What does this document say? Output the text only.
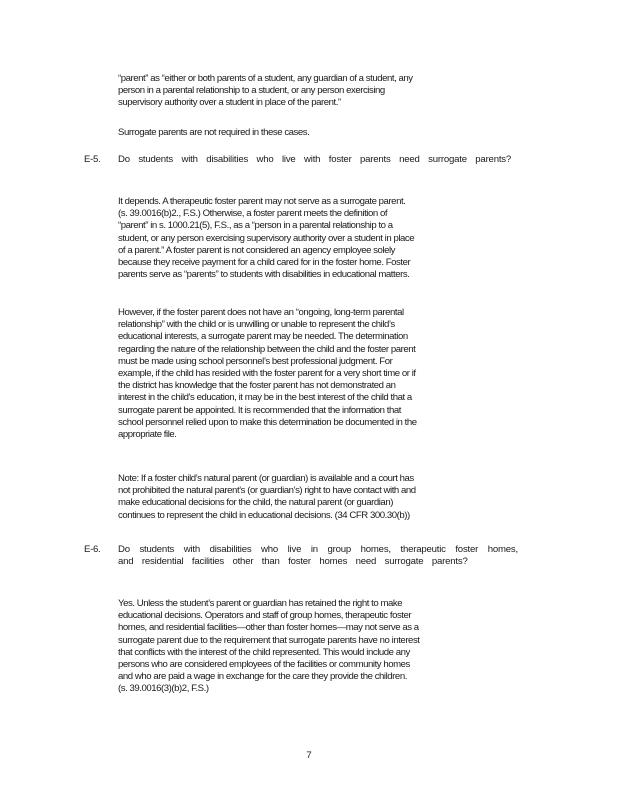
“parent” as “either or both parents of a student, any guardian of a student, any
person in a parental relationship to a student, or any person exercising
supervisory authority over a student in place of the parent.”
Surrogate parents are not required in these cases.
E-5. Do students with disabilities who live with foster parents need surrogate parents?
It depends. A therapeutic foster parent may not serve as a surrogate parent.
(s. 39.0016(b)2., F.S.) Otherwise, a foster parent meets the definition of
“parent” in s. 1000.21(5), F.S., as a “person in a parental relationship to a
student, or any person exercising supervisory authority over a student in place
of a parent.” A foster parent is not considered an agency employee solely
because they receive payment for a child cared for in the foster home. Foster
parents serve as “parents” to students with disabilities in educational matters.
However, if the foster parent does not have an “ongoing, long-term parental
relationship” with the child or is unwilling or unable to represent the child’s
educational interests, a surrogate parent may be needed. The determination
regarding the nature of the relationship between the child and the foster parent
must be made using school personnel’s best professional judgment. For
example, if the child has resided with the foster parent for a very short time or if
the district has knowledge that the foster parent has not demonstrated an
interest in the child’s education, it may be in the best interest of the child that a
surrogate parent be appointed. It is recommended that the information that
school personnel relied upon to make this determination be documented in the
appropriate file.
Note: If a foster child’s natural parent (or guardian) is available and a court has
not prohibited the natural parent’s (or guardian’s) right to have contact with and
make educational decisions for the child, the natural parent (or guardian)
continues to represent the child in educational decisions. (34 CFR 300.30(b))
E-6. Do students with disabilities who live in group homes, therapeutic foster homes, and residential facilities other than foster homes need surrogate parents?
Yes. Unless the student’s parent or guardian has retained the right to make
educational decisions. Operators and staff of group homes, therapeutic foster
homes, and residential facilities—other than foster homes—may not serve as a
surrogate parent due to the requirement that surrogate parents have no interest
that conflicts with the interest of the child represented. This would include any
persons who are considered employees of the facilities or community homes
and who are paid a wage in exchange for the care they provide the children.
(s. 39.0016(3)(b)2, F.S.)
7
